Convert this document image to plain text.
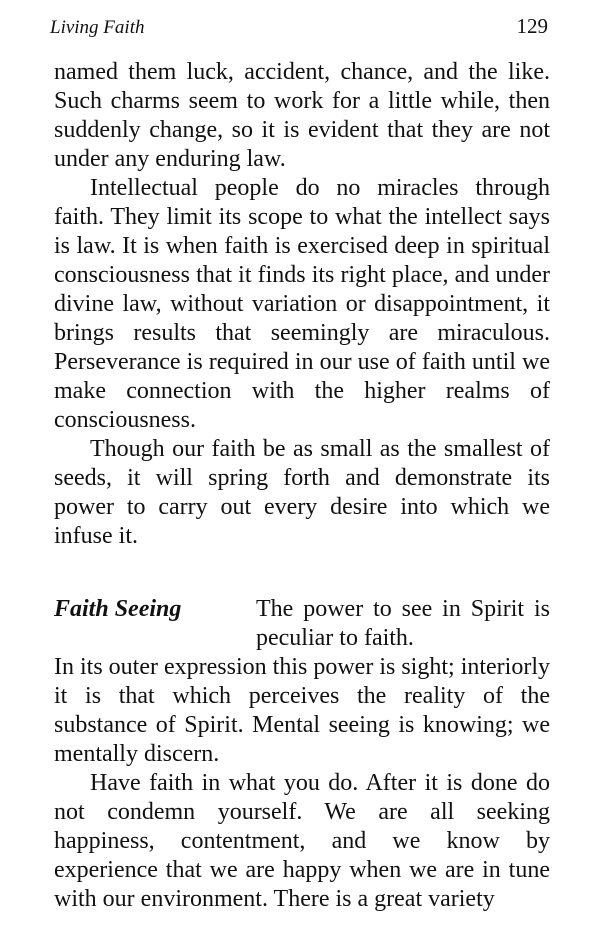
Living Faith	129

named them luck, accident, chance, and the like. Such charms seem to work for a little while, then suddenly change, so it is evident that they are not under any enduring law.

Intellectual people do no miracles through faith. They limit its scope to what the intellect says is law. It is when faith is exercised deep in spiritual consciousness that it finds its right place, and under divine law, without variation or disappointment, it brings results that seemingly are miraculous. Perseverance is required in our use of faith until we make connection with the higher realms of consciousness.

Though our faith be as small as the smallest of seeds, it will spring forth and demonstrate its power to carry out every desire into which we infuse it.

Faith Seeing	The power to see in Spirit is peculiar to faith.

In its outer expression this power is sight; interiorly it is that which perceives the reality of the substance of Spirit. Mental seeing is knowing; we mentally discern.

Have faith in what you do. After it is done do not condemn yourself. We are all seeking happiness, contentment, and we know by experience that we are happy when we are in tune with our environment. There is a great variety
